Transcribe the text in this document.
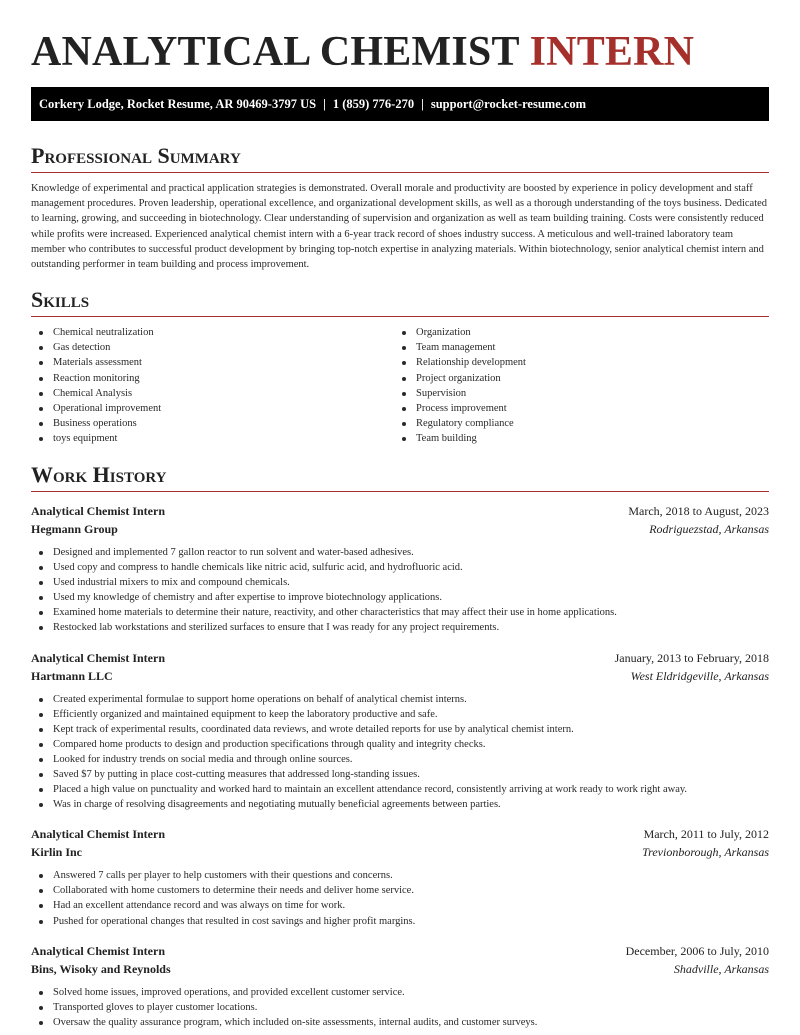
ANALYTICAL CHEMIST INTERN
Corkery Lodge, Rocket Resume, AR 90469-3797 US | 1 (859) 776-270 | support@rocket-resume.com
Professional Summary

Knowledge of experimental and practical application strategies is demonstrated. Overall morale and productivity are boosted by experience in policy development and staff management procedures. Proven leadership, operational excellence, and organizational development skills, as well as a thorough understanding of the toys business. Dedicated to learning, growing, and succeeding in biotechnology. Clear understanding of supervision and organization as well as team building training. Costs were consistently reduced while profits were increased. Experienced analytical chemist intern with a 6-year track record of shoes industry success. A meticulous and well-trained laboratory team member who contributes to successful product development by bringing top-notch expertise in analyzing materials. Within biotechnology, senior analytical chemist intern and outstanding performer in team building and process improvement.

Skills
Chemical neutralization
Gas detection
Materials assessment
Reaction monitoring
Chemical Analysis
Operational improvement
Business operations
toys equipment
Organization
Team management
Relationship development
Project organization
Supervision
Process improvement
Regulatory compliance
Team building
Work History
Analytical Chemist Intern	March, 2018 to August, 2023
Hegmann Group	Rodriguezstad, Arkansas
Designed and implemented 7 gallon reactor to run solvent and water-based adhesives.
Used copy and compress to handle chemicals like nitric acid, sulfuric acid, and hydrofluoric acid.
Used industrial mixers to mix and compound chemicals.
Used my knowledge of chemistry and after expertise to improve biotechnology applications.
Examined home materials to determine their nature, reactivity, and other characteristics that may affect their use in home applications.
Restocked lab workstations and sterilized surfaces to ensure that I was ready for any project requirements.
Analytical Chemist Intern	January, 2013 to February, 2018
Hartmann LLC	West Eldridgeville, Arkansas
Created experimental formulae to support home operations on behalf of analytical chemist interns.
Efficiently organized and maintained equipment to keep the laboratory productive and safe.
Kept track of experimental results, coordinated data reviews, and wrote detailed reports for use by analytical chemist intern.
Compared home products to design and production specifications through quality and integrity checks.
Looked for industry trends on social media and through online sources.
Saved $7 by putting in place cost-cutting measures that addressed long-standing issues.
Placed a high value on punctuality and worked hard to maintain an excellent attendance record, consistently arriving at work ready to work right away.
Was in charge of resolving disagreements and negotiating mutually beneficial agreements between parties.
Analytical Chemist Intern	March, 2011 to July, 2012
Kirlin Inc	Trevionborough, Arkansas
Answered 7 calls per player to help customers with their questions and concerns.
Collaborated with home customers to determine their needs and deliver home service.
Had an excellent attendance record and was always on time for work.
Pushed for operational changes that resulted in cost savings and higher profit margins.
Analytical Chemist Intern	December, 2006 to July, 2010
Bins, Wisoky and Reynolds	Shadville, Arkansas
Solved home issues, improved operations, and provided excellent customer service.
Transported gloves to player customer locations.
Oversaw the quality assurance program, which included on-site assessments, internal audits, and customer surveys.
